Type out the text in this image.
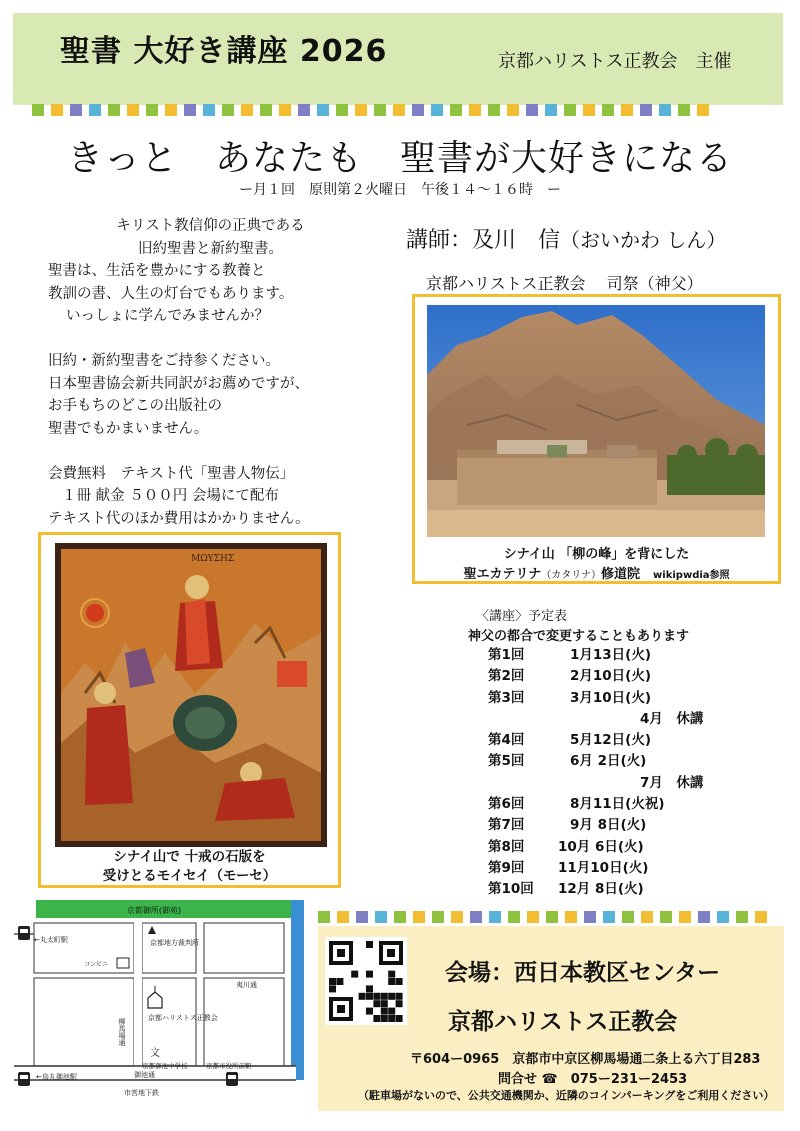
聖書 大好き講座 2026	京都ハリストス正教会　主催
きっと　あなたも　聖書が大好きになる
ー月１回　原則第２火曜日　午後１４～１６時　ー

キリスト教信仰の正典である

旧約聖書と新約聖書。

聖書は、生活を豊かにする教養と

教訓の書、人生の灯台でもあります。

いっしょに学んでみませんか？

旧約・新約聖書をご持参ください。

日本聖書協会新共同訳がお薦めですが、

お手もちのどこの出版社の

聖書でもかまいません。

会費無料　テキスト代「聖書人物伝」

１冊 献金 ５００円 会場にて配布

テキスト代のほか費用はかかりません。

講師：及川　信（おいかわ しん）
京都ハリストス正教会　 司祭（神父）
シナイ山 「柳の峰」を背にした
聖エカテリナ（カタリナ）修道院　 wikipwdia参照
ΜΩΥΣΗΣ
シナイ山で 十戒の石版を
受けとるモイセイ（モーセ）
〈講座〉予定表
神父の都合で変更することもあります
第1回	1月13日(火)
第2回	2月10日(火)
第3回	3月10日(火)
4月　休講
第4回	5月12日(火)
第5回	6月 2日(火)
7月　休講
第6回	8月11日(火祝)
第7回	9月 8日(火)
第8回	10月 6日(火)
第9回	11月10日(火)
第10回	12月 8日(火)
京都御所(御苑)
←丸太町駅
コンビニ
京都地方裁判所
夷川通
京都ハリストス正教会
柳馬場通
文
京都御池中学校	京都市役所前駅
←烏丸御池駅	御池通
市営地下鉄
会場：西日本教区センター
京都ハリストス正教会
〒604ー0965　京都市中京区柳馬場通二条上る六丁目283
問合せ ☎　075ー231ー2453
（駐車場がないので、公共交通機関か、近隣のコインパーキングをご利用ください）
